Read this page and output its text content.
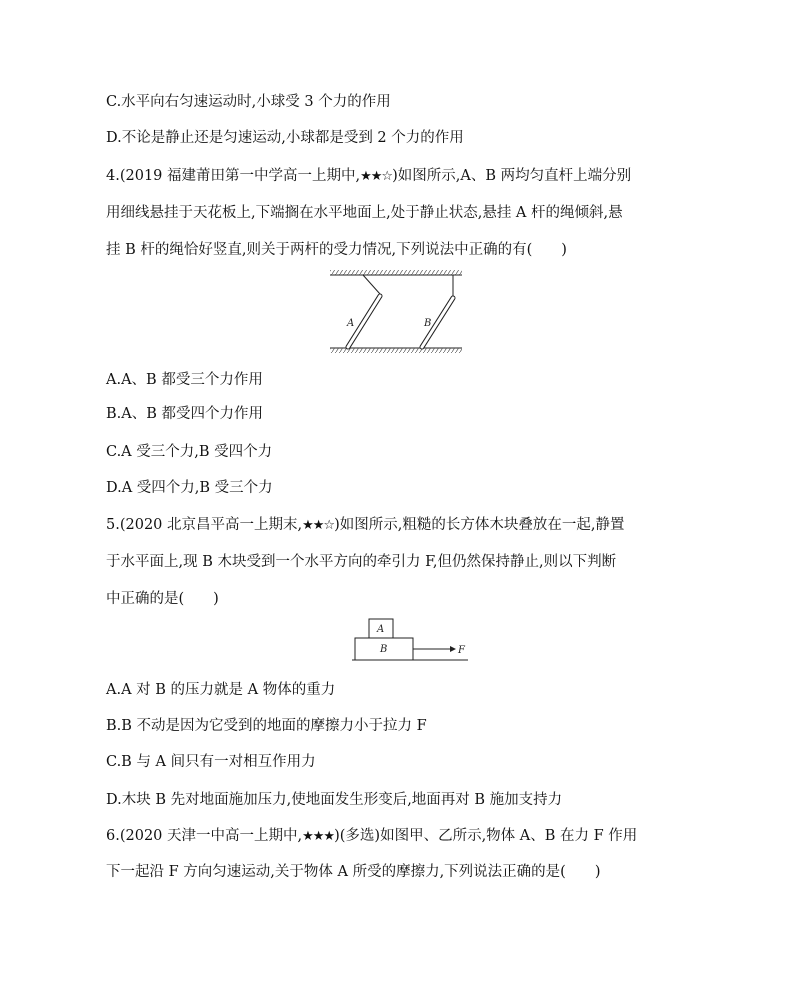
C.水平向右匀速运动时,小球受 3 个力的作用
D.不论是静止还是匀速运动,小球都是受到 2 个力的作用
4.(2019 福建莆田第一中学高一上期中,★★☆)如图所示,A、B 两均匀直杆上端分别
用细线悬挂于天花板上,下端搁在水平地面上,处于静止状态,悬挂 A 杆的绳倾斜,悬
挂 B 杆的绳恰好竖直,则关于两杆的受力情况,下列说法中正确的有(　　)
A	B
A.A、B 都受三个力作用
B.A、B 都受四个力作用
C.A 受三个力,B 受四个力
D.A 受四个力,B 受三个力
5.(2020 北京昌平高一上期末,★★☆)如图所示,粗糙的长方体木块叠放在一起,静置
于水平面上,现 B 木块受到一个水平方向的牵引力 F,但仍然保持静止,则以下判断
中正确的是(　　)
A
B	F
A.A 对 B 的压力就是 A 物体的重力
B.B 不动是因为它受到的地面的摩擦力小于拉力 F
C.B 与 A 间只有一对相互作用力
D.木块 B 先对地面施加压力,使地面发生形变后,地面再对 B 施加支持力
6.(2020 天津一中高一上期中,★★★)(多选)如图甲、乙所示,物体 A、B 在力 F 作用
下一起沿 F 方向匀速运动,关于物体 A 所受的摩擦力,下列说法正确的是(　　)
